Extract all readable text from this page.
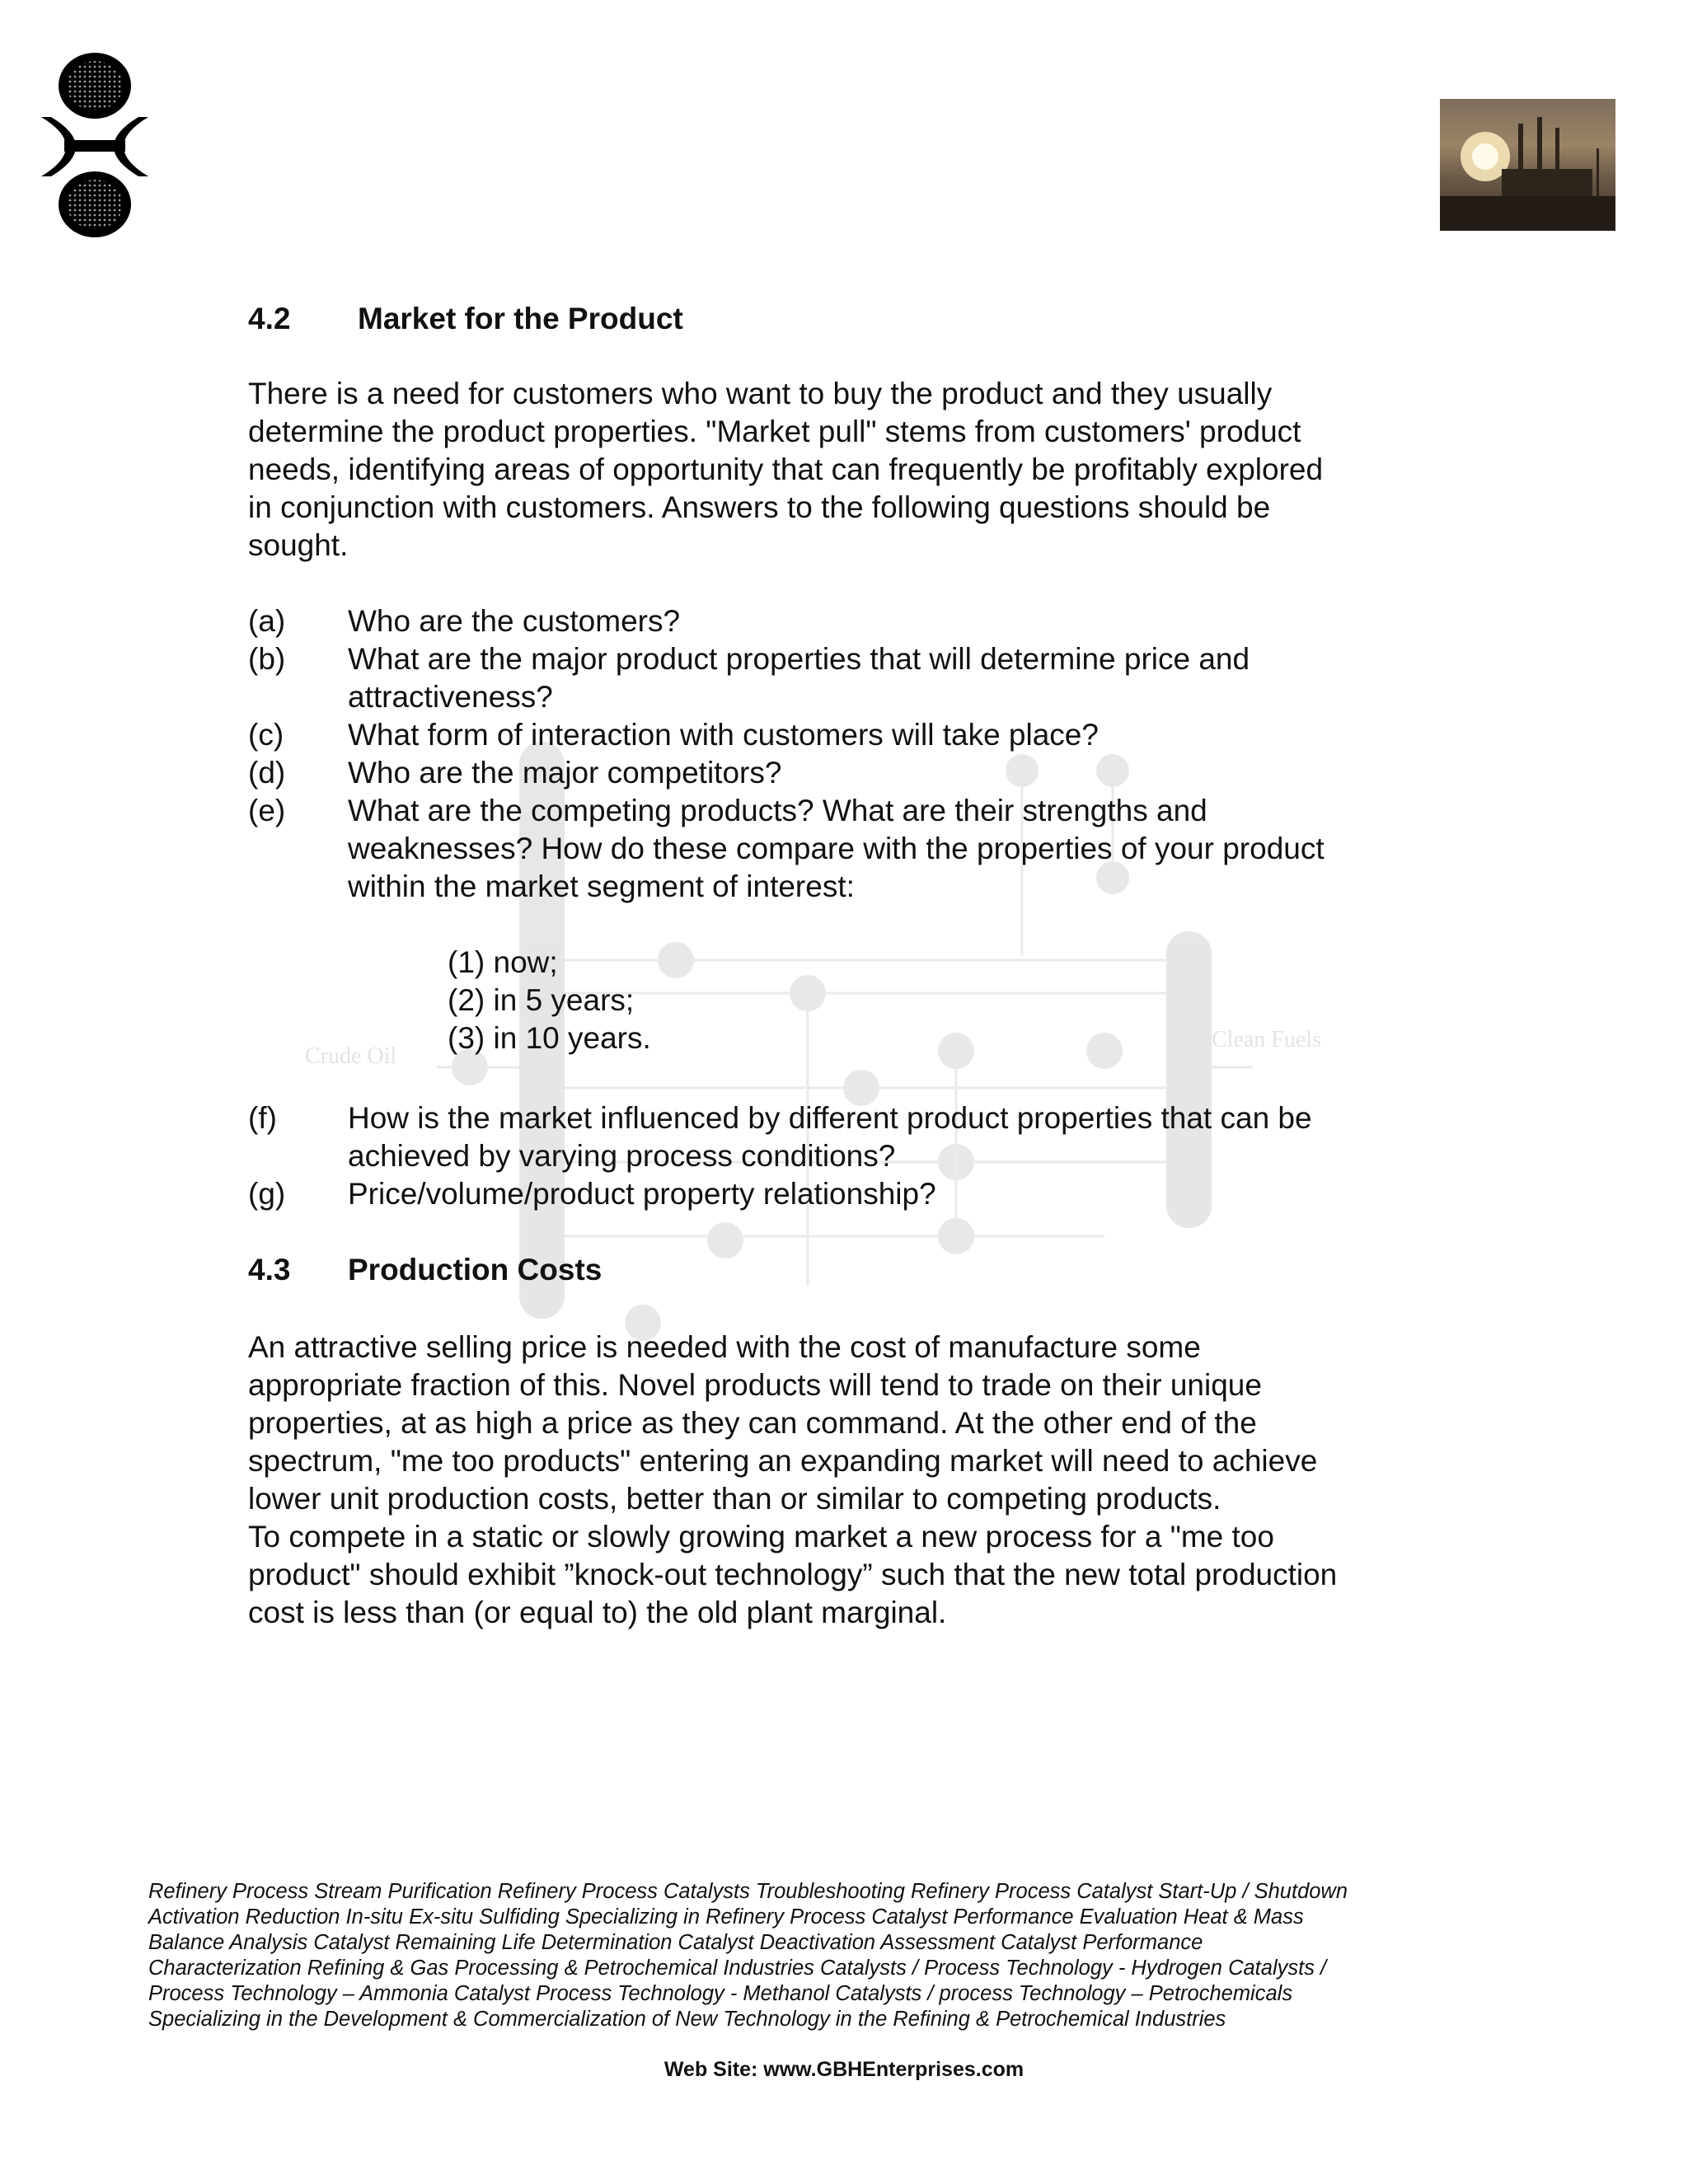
Crude Oil
Clean Fuels
4.2 Market for the Product
There is a need for customers who want to buy the product and they usually
determine the product properties. "Market pull" stems from customers' product
needs, identifying areas of opportunity that can frequently be profitably explored
in conjunction with customers. Answers to the following questions should be
sought.
(a) Who are the customers?
(b) What are the major product properties that will determine price and
attractiveness?
(c) What form of interaction with customers will take place?
(d) Who are the major competitors?
(e) What are the competing products? What are their strengths and
weaknesses? How do these compare with the properties of your product
within the market segment of interest:
(1) now;
(2) in 5 years;
(3) in 10 years.
(f) How is the market influenced by different product properties that can be
achieved by varying process conditions?
(g) Price/volume/product property relationship?
4.3 Production Costs
An attractive selling price is needed with the cost of manufacture some
appropriate fraction of this. Novel products will tend to trade on their unique
properties, at as high a price as they can command. At the other end of the
spectrum, "me too products" entering an expanding market will need to achieve
lower unit production costs, better than or similar to competing products.
To compete in a static or slowly growing market a new process for a "me too
product" should exhibit ”knock-out technology” such that the new total production
cost is less than (or equal to) the old plant marginal.
Refinery Process Stream Purification Refinery Process Catalysts Troubleshooting Refinery Process Catalyst Start-Up / Shutdown
Activation Reduction In-situ Ex-situ Sulfiding Specializing in Refinery Process Catalyst Performance Evaluation Heat & Mass
Balance Analysis Catalyst Remaining Life Determination Catalyst Deactivation Assessment Catalyst Performance
Characterization Refining & Gas Processing & Petrochemical Industries Catalysts / Process Technology - Hydrogen Catalysts /
Process Technology – Ammonia Catalyst Process Technology - Methanol Catalysts / process Technology – Petrochemicals
Specializing in the Development & Commercialization of New Technology in the Refining & Petrochemical Industries
Web Site: www.GBHEnterprises.com
